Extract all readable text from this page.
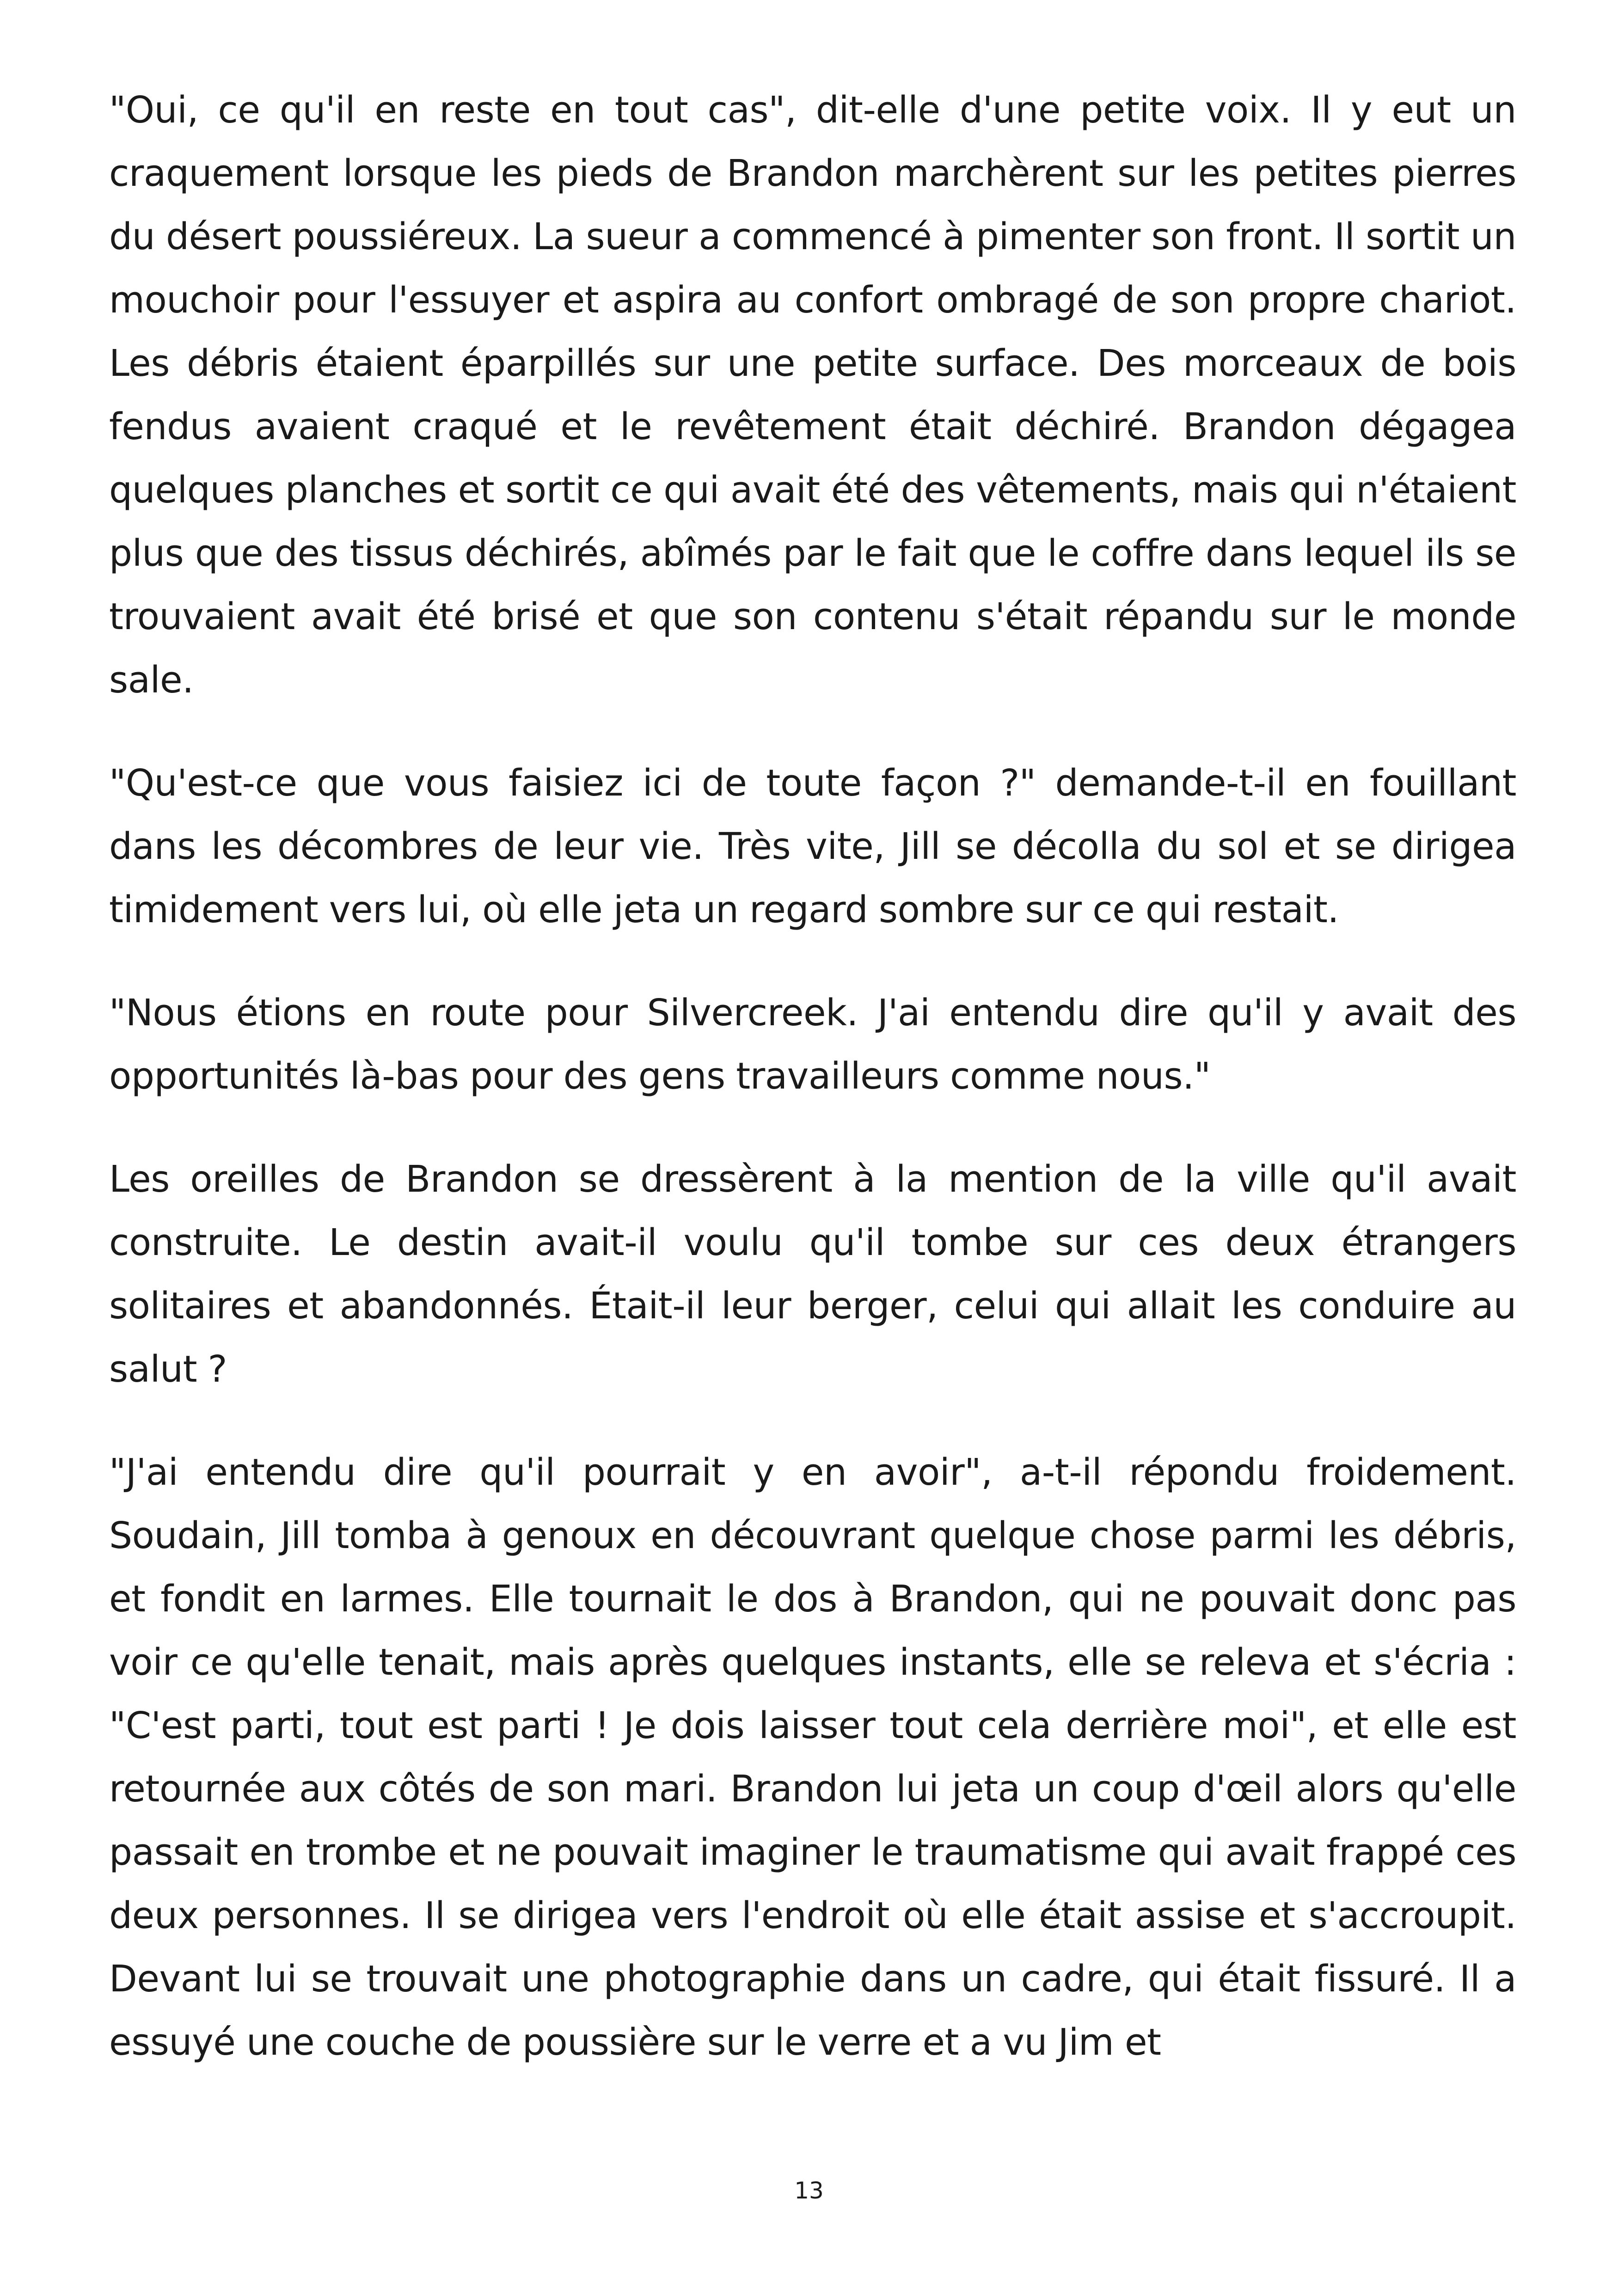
"Oui, ce qu'il en reste en tout cas", dit-elle d'une petite voix. Il y eut un craquement lorsque les pieds de Brandon marchèrent sur les petites pierres du désert poussiéreux. La sueur a commencé à pimenter son front. Il sortit un mouchoir pour l'essuyer et aspira au confort ombragé de son propre chariot. Les débris étaient éparpillés sur une petite surface. Des morceaux de bois fendus avaient craqué et le revêtement était déchiré. Brandon dégagea quelques planches et sortit ce qui avait été des vêtements, mais qui n'étaient plus que des tissus déchirés, abîmés par le fait que le coffre dans lequel ils se trouvaient avait été brisé et que son contenu s'était répandu sur le monde sale.

"Qu'est-ce que vous faisiez ici de toute façon ?" demande-t-il en fouillant dans les décombres de leur vie. Très vite, Jill se décolla du sol et se dirigea timidement vers lui, où elle jeta un regard sombre sur ce qui restait.

"Nous étions en route pour Silvercreek. J'ai entendu dire qu'il y avait des opportunités là-bas pour des gens travailleurs comme nous."

Les oreilles de Brandon se dressèrent à la mention de la ville qu'il avait construite. Le destin avait-il voulu qu'il tombe sur ces deux étrangers solitaires et abandonnés. Était-il leur berger, celui qui allait les conduire au salut ?

"J'ai entendu dire qu'il pourrait y en avoir", a-t-il répondu froidement. Soudain, Jill tomba à genoux en découvrant quelque chose parmi les débris, et fondit en larmes. Elle tournait le dos à Brandon, qui ne pouvait donc pas voir ce qu'elle tenait, mais après quelques instants, elle se releva et s'écria : "C'est parti, tout est parti ! Je dois laisser tout cela derrière moi", et elle est retournée aux côtés de son mari. Brandon lui jeta un coup d'œil alors qu'elle passait en trombe et ne pouvait imaginer le traumatisme qui avait frappé ces deux personnes. Il se dirigea vers l'endroit où elle était assise et s'accroupit. Devant lui se trouvait une photographie dans un cadre, qui était fissuré. Il a essuyé une couche de poussière sur le verre et a vu Jim et

13
